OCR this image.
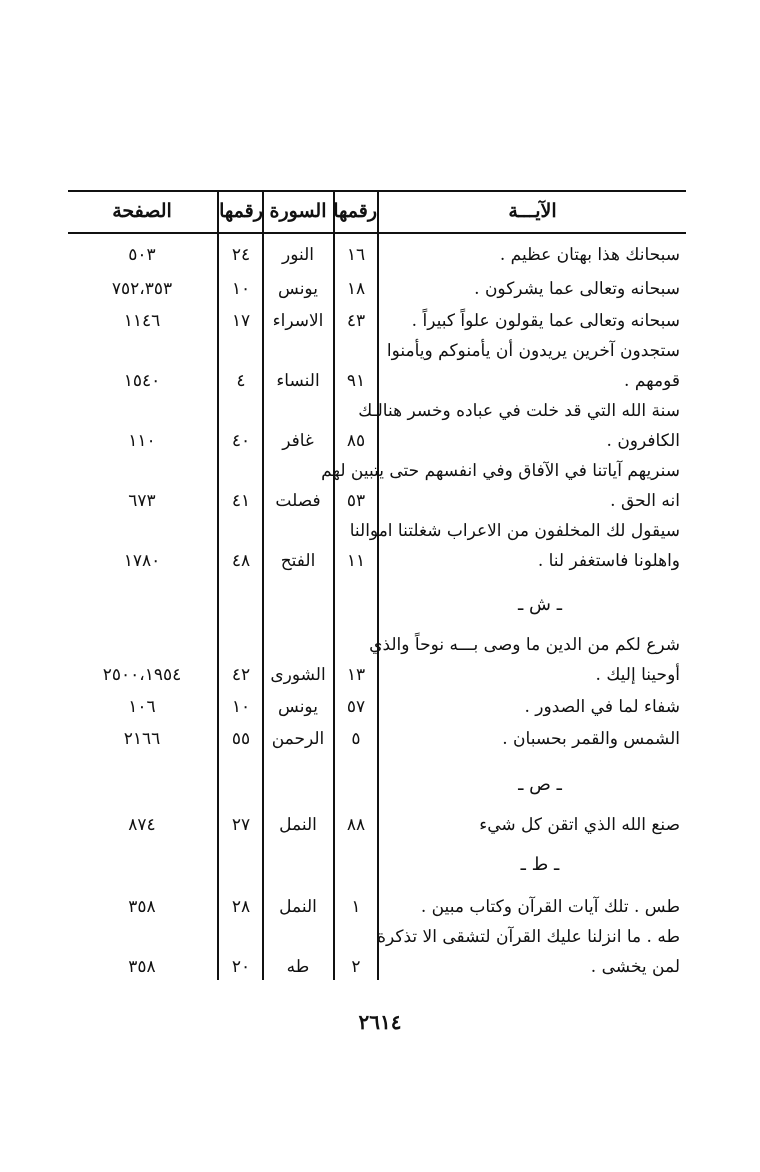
الآيـــة
رقمها
السورة
رقمها
الصفحة
سبحانك هذا بهتان عظيم .
١٦
النور
٢٤
٥٠٣
سبحانه وتعالى عما يشركون .
١٨
يونس
١٠
٧٥٢،٣٥٣
سبحانه وتعالى عما يقولون علواً كبيراً .
٤٣
الاسراء
١٧
١١٤٦
ستجدون آخرين يريدون أن يأمنوكم ويأمنوا
قومهم .
٩١
النساء
٤
١٥٤٠
سنة الله التي قد خلت في عباده وخسر هنالـك
الكافرون .
٨٥
غافر
٤٠
١١٠
سنريهم آياتنا في الآفاق وفي انفسهم حتى يتبين لهم
انه الحق .
٥٣
فصلت
٤١
٦٧٣
سيقول لك المخلفون من الاعراب شغلتنا اموالنا
واهلونا فاستغفر لنا .
١١
الفتح
٤٨
١٧٨٠
ـ ش ـ
شرع لكم من الدين ما وصى بـــه نوحاً والذي
أوحينا إليك .
١٣
الشورى
٤٢
٢٥٠٠،١٩٥٤
شفاء لما في الصدور .
٥٧
يونس
١٠
١٠٦
الشمس والقمر بحسبان .
٥
الرحمن
٥٥
٢١٦٦
ـ ص ـ
صنع الله الذي اتقن كل شيء
٨٨
النمل
٢٧
٨٧٤
ـ ط ـ
طس . تلك آيات القرآن وكتاب مبين .
١
النمل
٢٨
٣٥٨
طه . ما انزلنا عليك القرآن لتشقى الا تذكرة
لمن يخشى .
٢
طه
٢٠
٣٥٨
٢٦١٤
